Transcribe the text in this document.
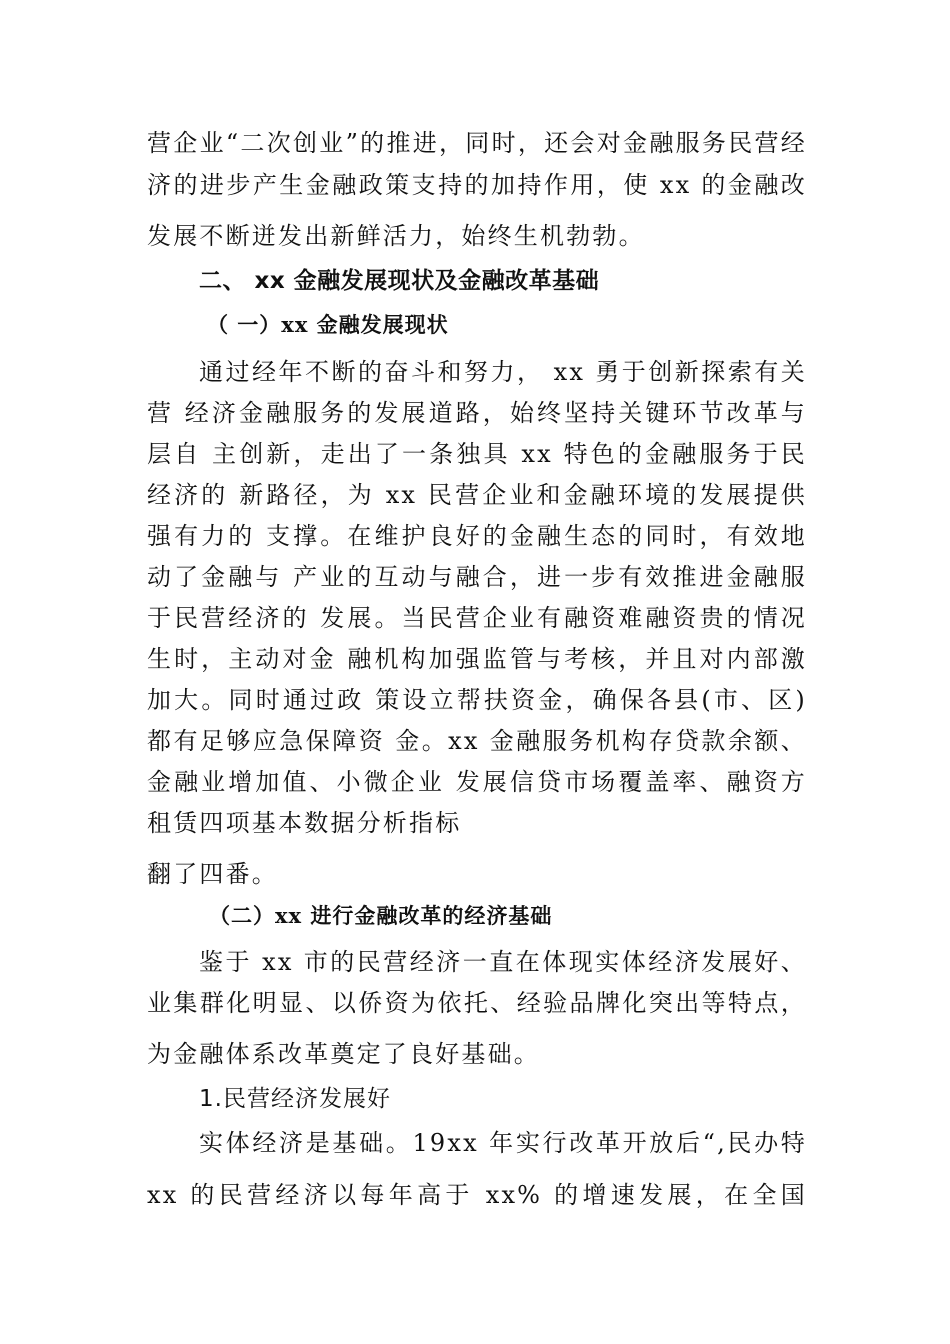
营企业“二次创业”的推进，同时，还会对金融服务民营经
济的进步产生金融政策支持的加持作用，使 xx 的金融改
发展不断迸发出新鲜活力，始终生机勃勃。
二、 xx 金融发展现状及金融改革基础
（ 一）xx 金融发展现状
通过经年不断的奋斗和努力， xx 勇于创新探索有关
营 经济金融服务的发展道路，始终坚持关键环节改革与
层自 主创新，走出了一条独具 xx 特色的金融服务于民
经济的 新路径，为 xx 民营企业和金融环境的发展提供
强有力的 支撑。在维护良好的金融生态的同时，有效地
动了金融与 产业的互动与融合，进一步有效推进金融服
于民营经济的 发展。当民营企业有融资难融资贵的情况
生时，主动对金 融机构加强监管与考核，并且对内部激
加大。同时通过政 策设立帮扶资金，确保各县(市、区)
都有足够应急保障资 金。xx 金融服务机构存贷款余额、
金融业增加值、小微企业 发展信贷市场覆盖率、融资方
租赁四项基本数据分析指标
翻了四番。
（二）xx 进行金融改革的经济基础
鉴于 xx 市的民营经济一直在体现实体经济发展好、
业集群化明显、以侨资为依托、经验品牌化突出等特点，
为金融体系改革奠定了良好基础。
1.民营经济发展好
实体经济是基础。19xx 年实行改革开放后“,民办特
xx 的民营经济以每年高于 xx% 的增速发展，在全国
